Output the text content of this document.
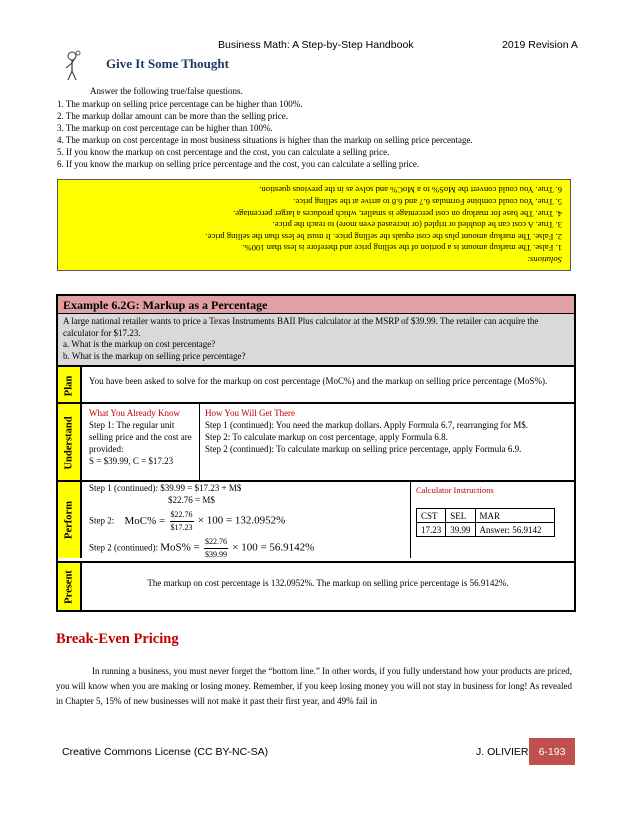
Business Math: A Step-by-Step Handbook	2019 Revision A
Give It Some Thought
Answer the following true/false questions.
1. The markup on selling price percentage can be higher than 100%.
2. The markup dollar amount can be more than the selling price.
3. The markup on cost percentage can be higher than 100%.
4. The markup on cost percentage in most business situations is higher than the markup on selling price percentage.
5. If you know the markup on cost percentage and the cost, you can calculate a selling price.
6. If you know the markup on selling price percentage and the cost, you can calculate a selling price.
Solutions:
1. False. The markup amount is a portion of the selling price and therefore is less than 100%.
2. False. The markup amount plus the cost equals the selling price. It must be less than the selling price.
3. True. A cost can be doubled or tripled (or increased even more) to reach the price.
4. True. The base for markup on cost percentage is smaller, which produces a larger percentage.
5. True. You could combine Formulas 6.7 and 6.8 to arrive at the selling price.
6. True. You could convert the MoS% to a MoC% and solve as in the previous question.
Example 6.2G: Markup as a Percentage
A large national retailer wants to price a Texas Instruments BAII Plus calculator at the MSRP of $39.99. The retailer can acquire the calculator for $17.23.
a. What is the markup on cost percentage?
b. What is the markup on selling price percentage?
Plan You have been asked to solve for the markup on cost percentage (MoC%) and the markup on selling price percentage (MoS%).
Understand
What You Already Know
Step 1: The regular unit selling price and the cost are provided:
S = $39.99, C = $17.23
How You Will Get There
Step 1 (continued): You need the markup dollars. Apply Formula 6.7, rearranging for M$.
Step 2: To calculate markup on cost percentage, apply Formula 6.8.
Step 2 (continued): To calculate markup on selling price percentage, apply Formula 6.9.
Perform
Step 1 (continued): $39.99 = $17.23 + M$
$22.76 = M$
Step 2: $MoC\% = \frac{\$22.76}{\$17.23} \times 100 = 132.0952\%$
Step 2 (continued): $MoS\% = \frac{\$22.76}{\$39.99} \times 100 = 56.9142\%$
Calculator Instructions
CST	SEL	MAR
17.23	39.99	Answer: 56.9142
Present	The markup on cost percentage is 132.0952%. The markup on selling price percentage is 56.9142%.
Break-Even Pricing
In running a business, you must never forget the “bottom line.” In other words, if you fully understand how your products are priced, you will know when you are making or losing money. Remember, if you keep losing money you will not stay in business for long! As revealed in Chapter 5, 15% of new businesses will not make it past their first year, and 49% fail in
Creative Commons License (CC BY-NC-SA)	J. OLIVIER 6-193
